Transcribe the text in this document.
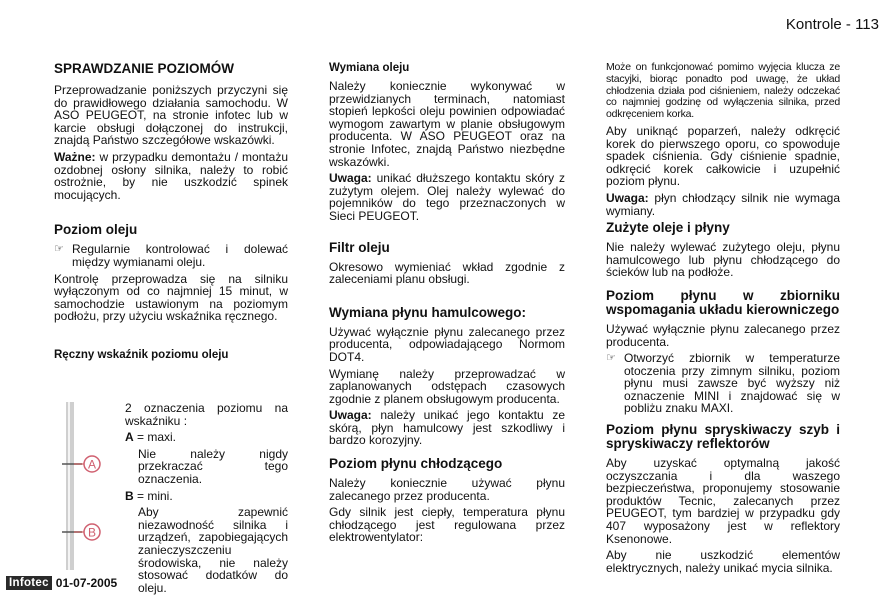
Kontrole - 113
SPRAWDZANIE POZIOMÓW

Przeprowadzanie poniższych przyczyni się do prawidłowego działania samochodu. W ASO PEUGEOT, na stronie infotec lub w karcie obsługi dołączonej do instrukcji, znajdą Państwo szczegółowe wskazówki.

Ważne: w przypadku demontażu / montażu ozdobnej osłony silnika, należy to robić ostrożnie, by nie uszkodzić spinek mocujących.

Poziom oleju
☞ Regularnie kontrolować i dolewać między wymianami oleju.

Kontrolę przeprowadza się na silniku wyłączonym od co najmniej 15 minut, w samochodzie ustawionym na poziomym podłożu, przy użyciu wskaźnika ręcznego.

Ręczny wskaźnik poziomu oleju
A
B

2 oznaczenia poziomu na wskaźniku :

A = maxi.

Nie należy nigdy przekraczać tego oznaczenia.

B = mini.

Aby zapewnić niezawodność silnika i urządzeń, zapobiegających zanieczyszczeniu środowiska, nie należy stosować dodatków do oleju.

Wymiana oleju

Należy koniecznie wykonywać w przewidzianych terminach, natomiast stopień lepkości oleju powinien odpowiadać wymogom zawartym w planie obsługowym producenta. W ASO PEUGEOT oraz na stronie Infotec, znajdą Państwo niezbędne wskazówki.

Uwaga: unikać dłuższego kontaktu skóry z zużytym olejem. Olej należy wylewać do pojemników do tego przeznaczonych w Sieci PEUGEOT.

Filtr oleju

Okresowo wymieniać wkład zgodnie z zaleceniami planu obsługi.

Wymiana płynu hamulcowego:

Używać wyłącznie płynu zalecanego przez producenta, odpowiadającego Normom DOT4.

Wymianę należy przeprowadzać w zaplanowanych odstępach czasowych zgodnie z planem obsługowym producenta.

Uwaga: należy unikać jego kontaktu ze skórą, płyn hamulcowy jest szkodliwy i bardzo korozyjny.

Poziom płynu chłodzącego

Należy koniecznie używać płynu zalecanego przez producenta.

Gdy silnik jest ciepły, temperatura płynu chłodzącego jest regulowana przez elektrowentylator:

Może on funkcjonować pomimo wyjęcia kluczа ze stacyjki, biorąc ponadto pod uwagę, że układ chłodzenia działa pod ciśnieniem, należy odczekać co najmniej godzinę od wyłączenia silnika, przed odkręceniem korka.

Aby uniknąć poparzeń, należy odkręcić korek do pierwszego oporu, co spowoduje spadek ciśnienia. Gdy ciśnienie spadnie, odkręcić korek całkowicie i uzupełnić poziom płynu.

Uwaga: płyn chłodzący silnik nie wymaga wymiany.

Zużyte oleje i płyny

Nie należy wylewać zużytego oleju, płynu hamulcowego lub płynu chłodzącego do ścieków lub na podłoże.

Poziom płynu w zbiorniku wspomagania układu kierowniczego

Używać wyłącznie płynu zalecanego przez producenta.

☞ Otworzyć zbiornik w temperaturze otoczenia przy zimnym silniku, poziom płynu musi zawsze być wyższy niż oznaczenie MINI i znajdować się w pobliżu znaku MAXI.
Poziom płynu spryskiwaczy szyb i spryskiwaczy reflektorów

Aby uzyskać optymalną jakość oczyszczania i dla waszego bezpieczeństwa, proponujemy stosowanie produktów Tecnic, zalecanych przez PEUGEOT, tym bardziej w przypadku gdy 407 wyposażony jest w reflektory Ksenonowe.

Aby nie uszkodzić elementów elektrycznych, należy unikać mycia silnika.

Infotec 01-07-2005
